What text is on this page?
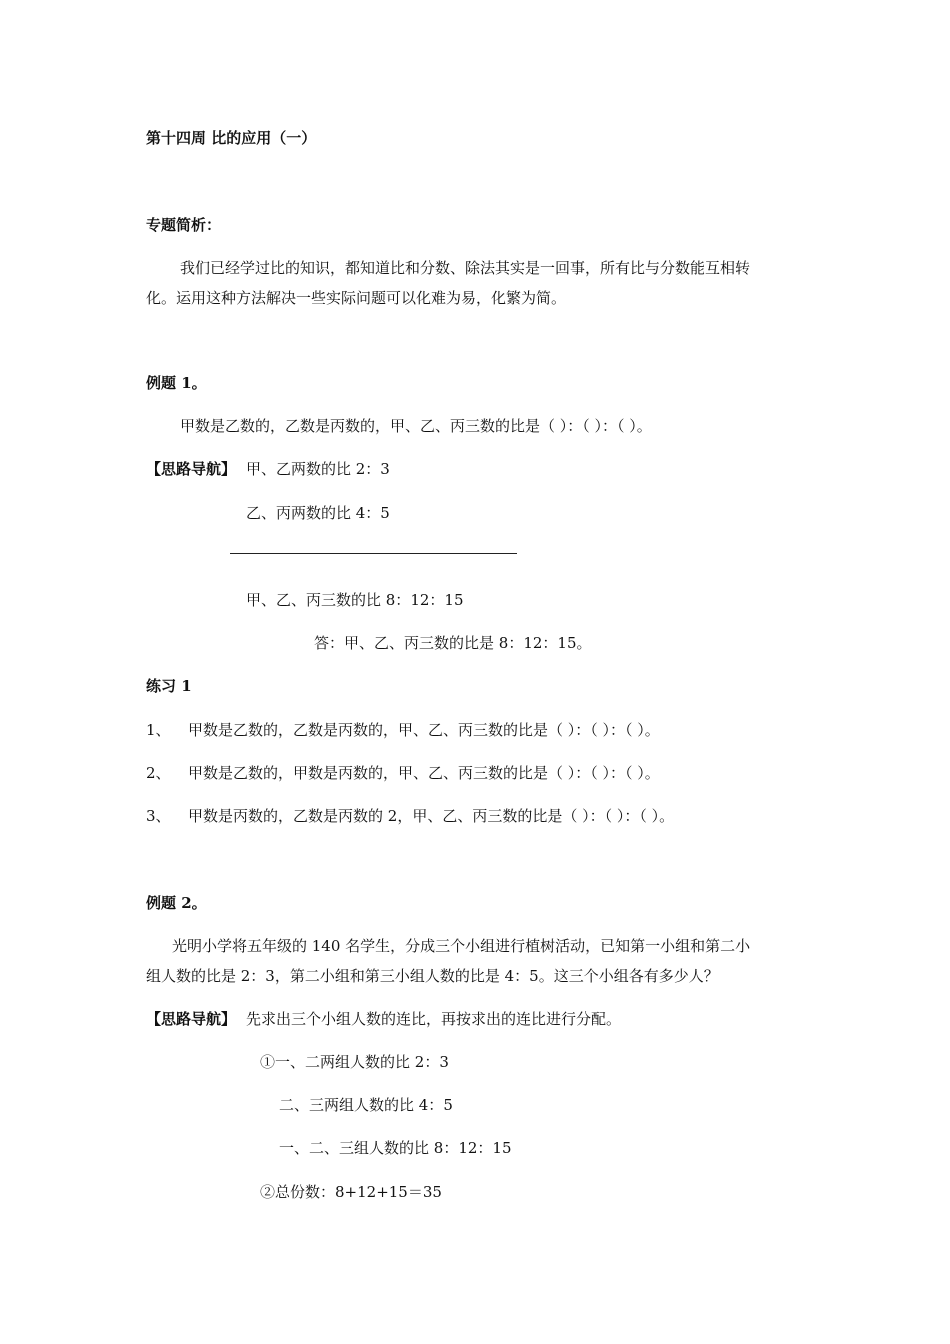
第十四周 比的应用（一）
专题简析：
我们已经学过比的知识，都知道比和分数、除法其实是一回事，所有比与分数能互相转
化。运用这种方法解决一些实际问题可以化难为易，化繁为简。
例题 1。
甲数是乙数的，乙数是丙数的，甲、乙、丙三数的比是（ ）：（ ）：（ ）。
【思路导航】 甲、乙两数的比 2：3
乙、丙两数的比 4：5
甲、乙、丙三数的比 8：12：15
答：甲、乙、丙三数的比是 8：12：15。
练习 1
1、 甲数是乙数的，乙数是丙数的，甲、乙、丙三数的比是（ ）：（ ）：（ ）。
2、 甲数是乙数的，甲数是丙数的，甲、乙、丙三数的比是（ ）：（ ）：（ ）。
3、 甲数是丙数的，乙数是丙数的 2，甲、乙、丙三数的比是（ ）：（ ）：（ ）。
例题 2。
光明小学将五年级的 140 名学生，分成三个小组进行植树活动，已知第一小组和第二小
组人数的比是 2：3，第二小组和第三小组人数的比是 4：5。这三个小组各有多少人？
【思路导航】 先求出三个小组人数的连比，再按求出的连比进行分配。
①一、二两组人数的比 2：3
二、三两组人数的比 4：5
一、二、三组人数的比 8：12：15
②总份数：8+12+15＝35
